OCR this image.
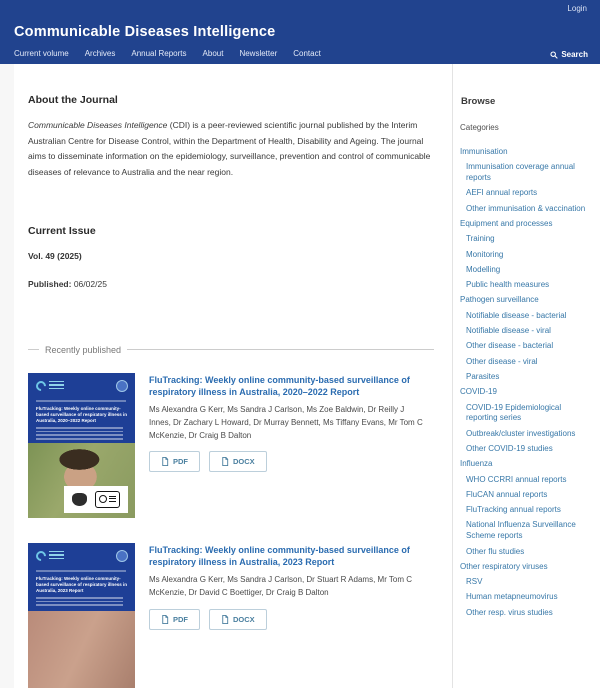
Login
Communicable Diseases Intelligence
Current volume Archives Annual Reports About Newsletter Contact	Search
About the Journal

Communicable Diseases Intelligence (CDI) is a peer-reviewed scientific journal published by the Interim Australian Centre for Disease Control, within the Department of Health, Disability and Ageing. The journal aims to disseminate information on the epidemiology, surveillance, prevention and control of communicable diseases of relevance to Australia and the near region.

Current Issue
Vol. 49 (2025)
Published: 06/02/25
Recently published
FluTracking: Weekly online community-based surveillance of respiratory illness in Australia, 2020–2022 Report
FluTracking: Weekly online community-based surveillance of respiratory illness in Australia, 2020–2022 Report
Ms Alexandra G Kerr, Ms Sandra J Carlson, Ms Zoe Baldwin, Dr Reilly J Innes, Dr Zachary L Howard, Dr Murray Bennett, Ms Tiffany Evans, Mr Tom C McKenzie, Dr Craig B Dalton
PDF	DOCX
FluTracking: Weekly online community-based surveillance of respiratory illness in Australia, 2023 Report
FluTracking: Weekly online community-based surveillance of respiratory illness in Australia, 2023 Report
Ms Alexandra G Kerr, Ms Sandra J Carlson, Dr Stuart R Adams, Mr Tom C McKenzie, Dr David C Boettiger, Dr Craig B Dalton
PDF	DOCX
Browse
Categories
Immunisation
Immunisation coverage annual reports
AEFI annual reports
Other immunisation & vaccination
Equipment and processes
Training
Monitoring
Modelling
Public health measures
Pathogen surveillance
Notifiable disease - bacterial
Notifiable disease - viral
Other disease - bacterial
Other disease - viral
Parasites
COVID-19
COVID-19 Epidemiological reporting series
Outbreak/cluster investigations
Other COVID-19 studies
Influenza
WHO CCRRI annual reports
FluCAN annual reports
FluTracking annual reports
National Influenza Surveillance Scheme reports
Other flu studies
Other respiratory viruses
RSV
Human metapneumovirus
Other resp. virus studies
